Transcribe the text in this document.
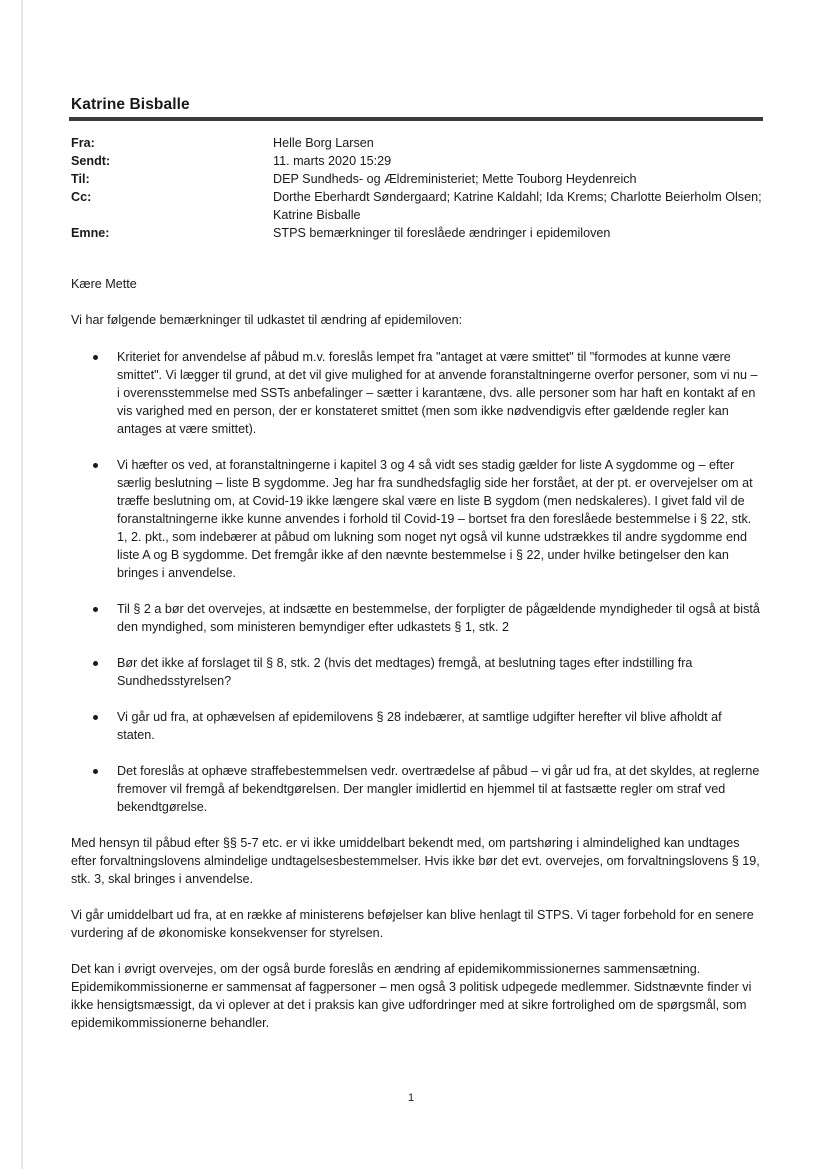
Katrine Bisballe
Fra:	Helle Borg Larsen
Sendt:	11. marts 2020 15:29
Til:	DEP Sundheds- og Ældreministeriet; Mette Touborg Heydenreich
Cc:	Dorthe Eberhardt Søndergaard; Katrine Kaldahl; Ida Krems; Charlotte Beierholm Olsen; Katrine Bisballe
Emne:	STPS bemærkninger til foreslåede ændringer i epidemiloven

Kære Mette

Vi har følgende bemærkninger til udkastet til ændring af epidemiloven:

Kriteriet for anvendelse af påbud m.v. foreslås lempet fra "antaget at være smittet" til "formodes at kunne være smittet". Vi lægger til grund, at det vil give mulighed for at anvende foranstaltningerne overfor personer, som vi nu – i overensstemmelse med SSTs anbefalinger – sætter i karantæne, dvs. alle personer som har haft en kontakt af en vis varighed med en person, der er konstateret smittet (men som ikke nødvendigvis efter gældende regler kan antages at være smittet).
Vi hæfter os ved, at foranstaltningerne i kapitel 3 og 4 så vidt ses stadig gælder for liste A sygdomme og – efter særlig beslutning – liste B sygdomme. Jeg har fra sundhedsfaglig side her forstået, at der pt. er overvejelser om at træffe beslutning om, at Covid-19 ikke længere skal være en liste B sygdom (men nedskaleres). I givet fald vil de foranstaltningerne ikke kunne anvendes i forhold til Covid-19 – bortset fra den foreslåede bestemmelse i § 22, stk. 1, 2. pkt., som indebærer at påbud om lukning som noget nyt også vil kunne udstrækkes til andre sygdomme end liste A og B sygdomme. Det fremgår ikke af den nævnte bestemmelse i § 22, under hvilke betingelser den kan bringes i anvendelse.
Til § 2 a bør det overvejes, at indsætte en bestemmelse, der forpligter de pågældende myndigheder til også at bistå den myndighed, som ministeren bemyndiger efter udkastets § 1, stk. 2
Bør det ikke af forslaget til § 8, stk. 2 (hvis det medtages) fremgå, at beslutning tages efter indstilling fra Sundhedsstyrelsen?
Vi går ud fra, at ophævelsen af epidemilovens § 28 indebærer, at samtlige udgifter herefter vil blive afholdt af staten.
Det foreslås at ophæve straffebestemmelsen vedr. overtrædelse af påbud – vi går ud fra, at det skyldes, at reglerne fremover vil fremgå af bekendtgørelsen. Der mangler imidlertid en hjemmel til at fastsætte regler om straf ved bekendtgørelse.

Med hensyn til påbud efter §§ 5-7 etc. er vi ikke umiddelbart bekendt med, om partshøring i almindelighed kan undtages efter forvaltningslovens almindelige undtagelsesbestemmelser. Hvis ikke bør det evt. overvejes, om forvaltningslovens § 19, stk. 3, skal bringes i anvendelse.

Vi går umiddelbart ud fra, at en række af ministerens beføjelser kan blive henlagt til STPS. Vi tager forbehold for en senere vurdering af de økonomiske konsekvenser for styrelsen.

Det kan i øvrigt overvejes, om der også burde foreslås en ændring af epidemikommissionernes sammensætning. Epidemikommissionerne er sammensat af fagpersoner – men også 3 politisk udpegede medlemmer. Sidstnævnte finder vi ikke hensigtsmæssigt, da vi oplever at det i praksis kan give udfordringer med at sikre fortrolighed om de spørgsmål, som epidemikommissionerne behandler.

1
